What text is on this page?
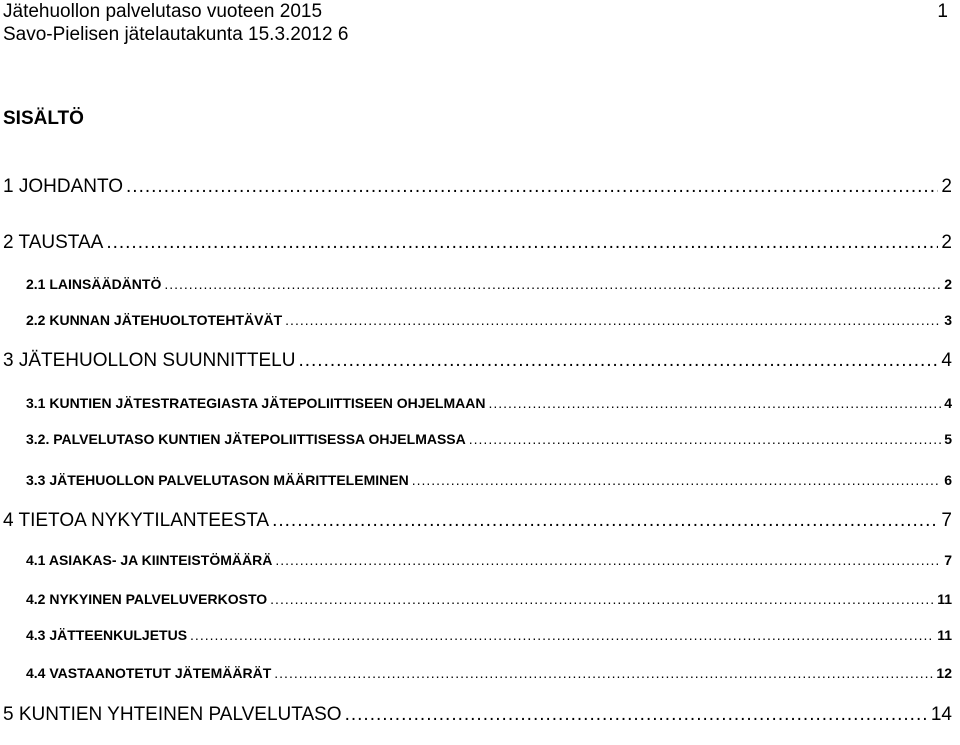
Jätehuollon palvelutaso vuoteen 2015
Savo-Pielisen jätelautakunta 15.3.2012 6
1
SISÄLTÖ
1 JOHDANTO .....	2
2 TAUSTAA .....	2
2.1 LAINSÄÄDÄNTÖ .....	2
2.2 KUNNAN JÄTEHUOLTOTEHTÄVÄT .....	3
3 JÄTEHUOLLON SUUNNITTELU .....	4
3.1 KUNTIEN JÄTESTRATEGIASTA JÄTEPOLIITTISEEN OHJELMAAN .....	4
3.2. PALVELUTASO KUNTIEN JÄTEPOLIITTISESSA OHJELMASSA .....	5
3.3 JÄTEHUOLLON PALVELUTASON MÄÄRITTELEMINEN .....	6
4 TIETOA NYKYTILANTEESTA .....	7
4.1 ASIAKAS- JA KIINTEISTÖMÄÄRÄ .....	7
4.2 NYKYINEN PALVELUVERKOSTO .....	11
4.3 JÄTTEENKULJETUS .....	11
4.4 VASTAANOTETUT JÄTEMÄÄRÄT .....	12
5 KUNTIEN YHTEINEN PALVELUTASO .....	14
